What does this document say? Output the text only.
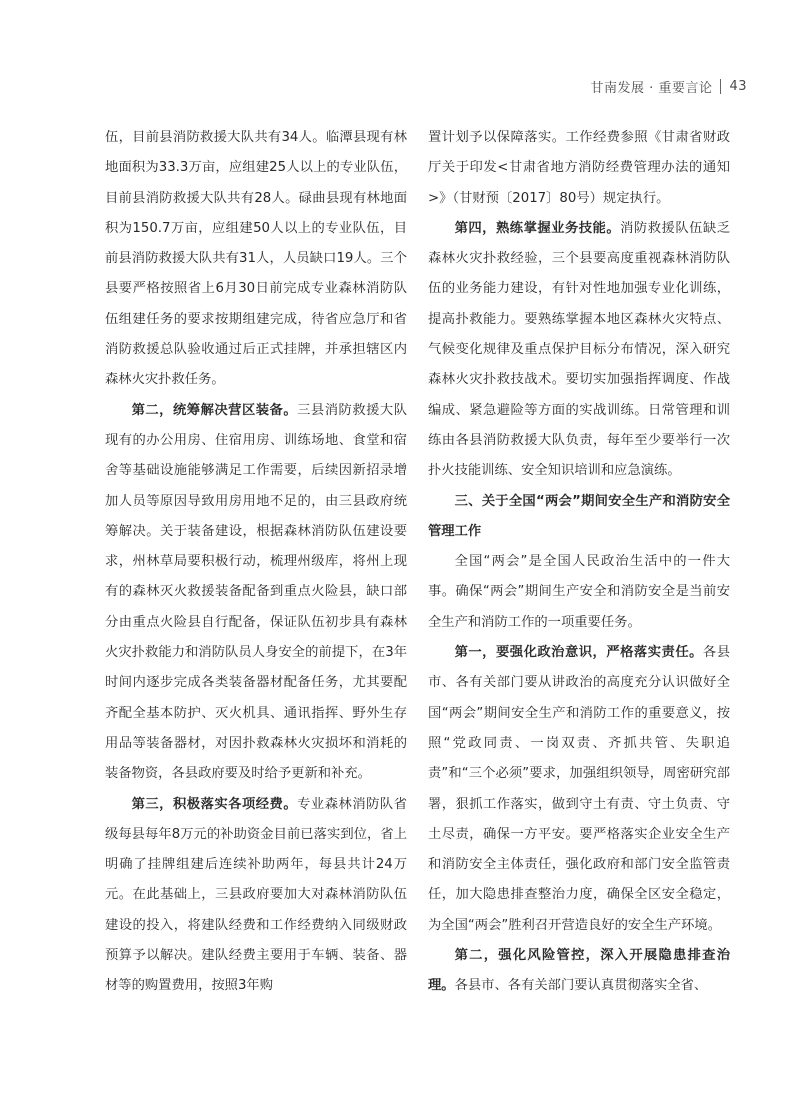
甘南发展 · 重要言论 43

伍，目前县消防救援大队共有34人。临潭县现有林地面积为33.3万亩，应组建25人以上的专业队伍，目前县消防救援大队共有28人。碌曲县现有林地面积为150.7万亩，应组建50人以上的专业队伍，目前县消防救援大队共有31人，人员缺口19人。三个县要严格按照省上6月30日前完成专业森林消防队伍组建任务的要求按期组建完成，待省应急厅和省消防救援总队验收通过后正式挂牌，并承担辖区内森林火灾扑救任务。

第二，统筹解决营区装备。三县消防救援大队现有的办公用房、住宿用房、训练场地、食堂和宿舍等基础设施能够满足工作需要，后续因新招录增加人员等原因导致用房用地不足的，由三县政府统筹解决。关于装备建设，根据森林消防队伍建设要求，州林草局要积极行动，梳理州级库，将州上现有的森林灭火救援装备配备到重点火险县，缺口部分由重点火险县自行配备，保证队伍初步具有森林火灾扑救能力和消防队员人身安全的前提下，在3年时间内逐步完成各类装备器材配备任务，尤其要配齐配全基本防护、灭火机具、通讯指挥、野外生存用品等装备器材，对因扑救森林火灾损坏和消耗的装备物资，各县政府要及时给予更新和补充。

第三，积极落实各项经费。专业森林消防队省级每县每年8万元的补助资金目前已落实到位，省上明确了挂牌组建后连续补助两年，每县共计24万元。在此基础上，三县政府要加大对森林消防队伍建设的投入，将建队经费和工作经费纳入同级财政预算予以解决。建队经费主要用于车辆、装备、器材等的购置费用，按照3年购

置计划予以保障落实。工作经费参照《甘肃省财政厅关于印发<甘肃省地方消防经费管理办法的通知>》（甘财预〔2017〕80号）规定执行。

第四，熟练掌握业务技能。消防救援队伍缺乏森林火灾扑救经验，三个县要高度重视森林消防队伍的业务能力建设，有针对性地加强专业化训练，提高扑救能力。要熟练掌握本地区森林火灾特点、气候变化规律及重点保护目标分布情况，深入研究森林火灾扑救技战术。要切实加强指挥调度、作战编成、紧急避险等方面的实战训练。日常管理和训练由各县消防救援大队负责，每年至少要举行一次扑火技能训练、安全知识培训和应急演练。

三、关于全国“两会”期间安全生产和消防安全管理工作

全国“两会”是全国人民政治生活中的一件大事。确保“两会”期间生产安全和消防安全是当前安全生产和消防工作的一项重要任务。

第一，要强化政治意识，严格落实责任。各县市、各有关部门要从讲政治的高度充分认识做好全国“两会”期间安全生产和消防工作的重要意义，按照“党政同责、一岗双责、齐抓共管、失职追责”和“三个必须”要求，加强组织领导，周密研究部署，狠抓工作落实，做到守土有责、守土负责、守土尽责，确保一方平安。要严格落实企业安全生产和消防安全主体责任，强化政府和部门安全监管责任，加大隐患排查整治力度，确保全区安全稳定，为全国“两会”胜利召开营造良好的安全生产环境。

第二，强化风险管控，深入开展隐患排查治理。各县市、各有关部门要认真贯彻落实全省、
